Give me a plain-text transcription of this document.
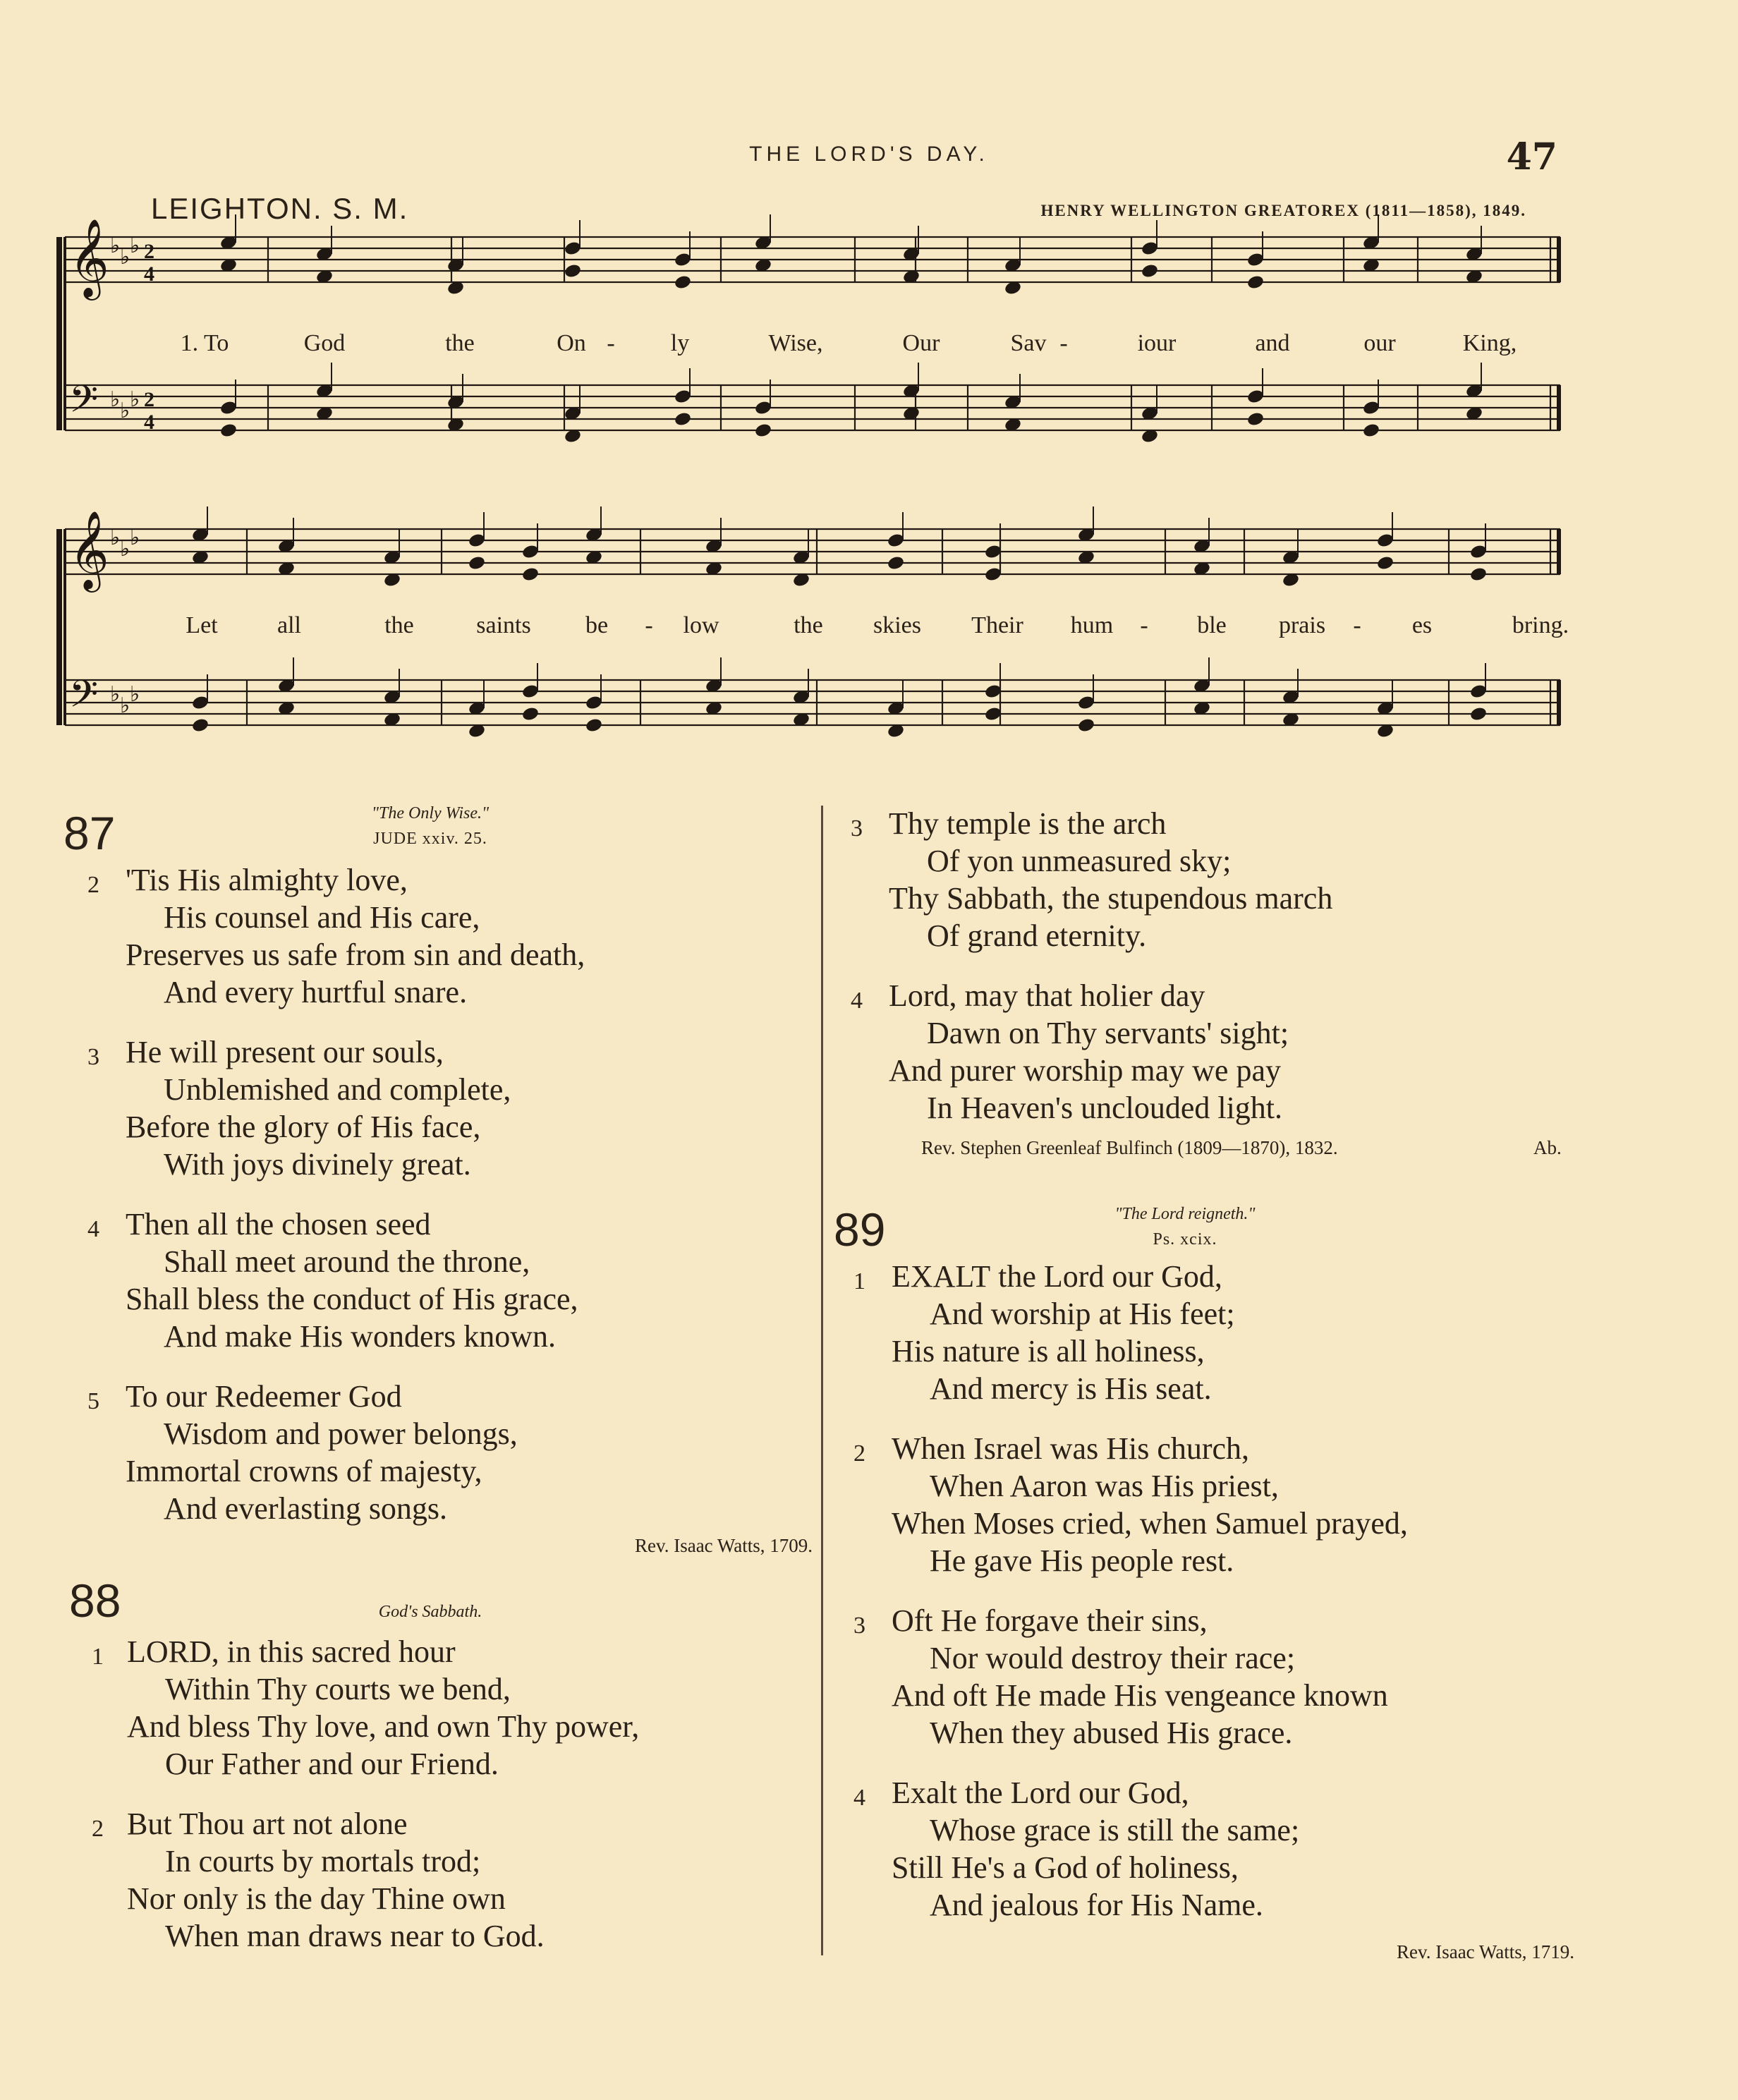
THE LORD'S DAY.	47
LEIGHTON. S. M.	HENRY WELLINGTON GREATOREX (1811—1858), 1849.
𝄞 ♭ ♭ ♭ 2
4
𝄢 ♭ ♭ ♭ 2
4
𝄞 ♭ ♭ ♭
𝄢 ♭ ♭ ♭
1. To	God	the	On - ly	Wise,	Our	Sav -	iour	and	our	King,
Let all	the	saints be - low	the skies Their hum - ble prais - es	bring.
87	"The Only Wise."
JUDE xxiv. 25.
2 'Tis His almighty love,
His counsel and His care,
Preserves us safe from sin and death,
And every hurtful snare.
3 He will present our souls,
Unblemished and complete,
Before the glory of His face,
With joys divinely great.
4 Then all the chosen seed
Shall meet around the throne,
Shall bless the conduct of His grace,
And make His wonders known.
5 To our Redeemer God
Wisdom and power belongs,
Immortal crowns of majesty,
And everlasting songs.
Rev. Isaac Watts, 1709.
88	God's Sabbath.
1 LORD, in this sacred hour
Within Thy courts we bend,
And bless Thy love, and own Thy power,
Our Father and our Friend.
2 But Thou art not alone
In courts by mortals trod;
Nor only is the day Thine own
When man draws near to God.
3 Thy temple is the arch
Of yon unmeasured sky;
Thy Sabbath, the stupendous march
Of grand eternity.
4 Lord, may that holier day
Dawn on Thy servants' sight;
And purer worship may we pay
In Heaven's unclouded light.
Rev. Stephen Greenleaf Bulfinch (1809—1870), 1832.	Ab.
89	"The Lord reigneth."
Ps. xcix.
1 EXALT the Lord our God,
And worship at His feet;
His nature is all holiness,
And mercy is His seat.
2 When Israel was His church,
When Aaron was His priest,
When Moses cried, when Samuel prayed,
He gave His people rest.
3 Oft He forgave their sins,
Nor would destroy their race;
And oft He made His vengeance known
When they abused His grace.
4 Exalt the Lord our God,
Whose grace is still the same;
Still He's a God of holiness,
And jealous for His Name.
Rev. Isaac Watts, 1719.
